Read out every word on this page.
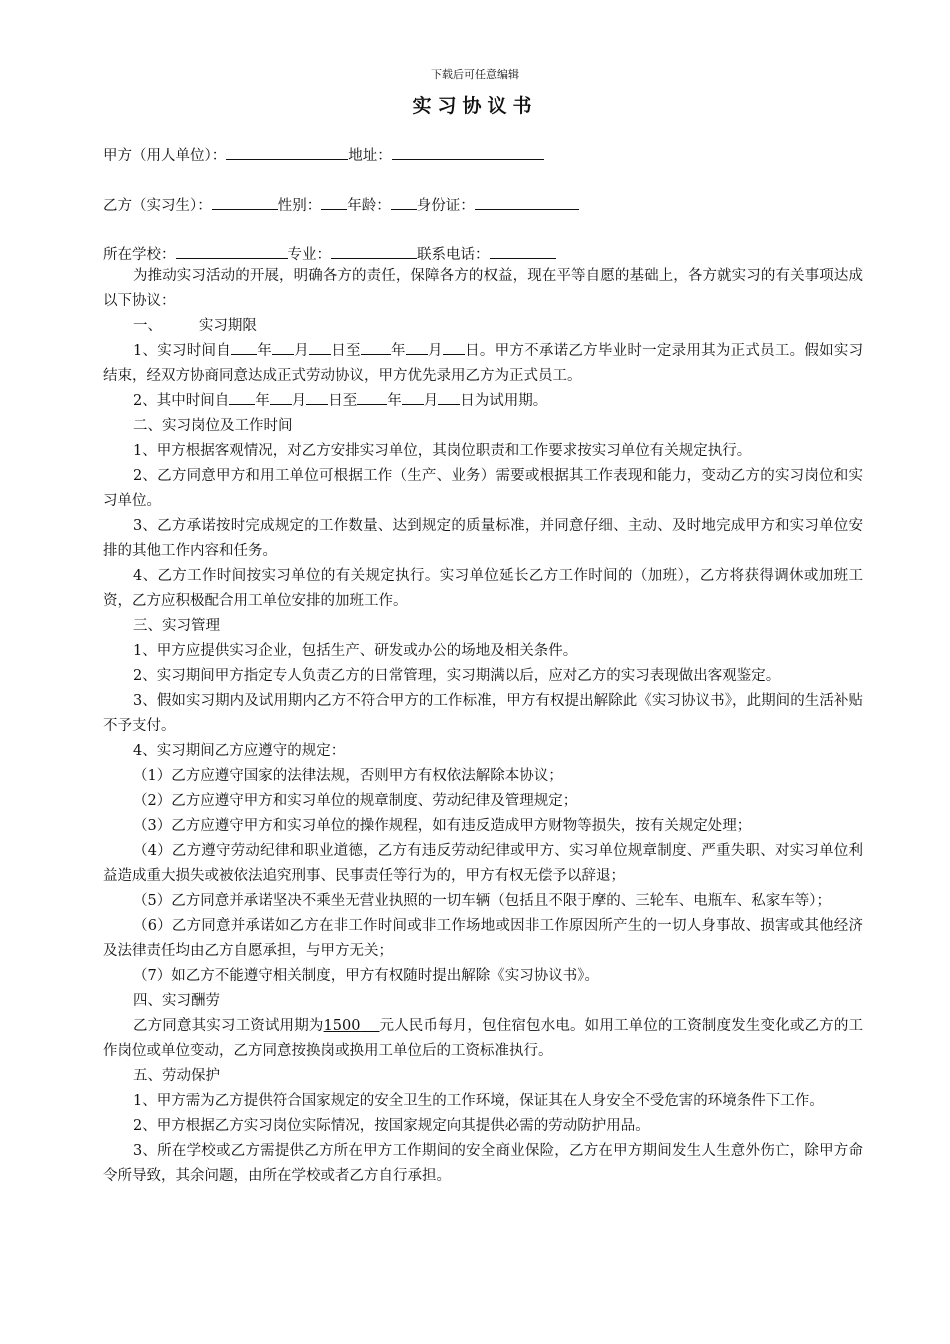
下载后可任意编辑
实习协议书
甲方（用人单位）：	地址：
乙方（实习生）：	性别： 年龄： 身份证：
所在学校：	专业：	联系电话：

为推动实习活动的开展，明确各方的责任，保障各方的权益，现在平等自愿的基础上，各方就实习的有关事项达成以下协议：

一、        实习期限

1、实习时间自 年 月 日至 年 月 日。甲方不承诺乙方毕业时一定录用其为正式员工。假如实习结束，经双方协商同意达成正式劳动协议，甲方优先录用乙方为正式员工。

2、其中时间自 年 月 日至 年 月 日为试用期。

二、实习岗位及工作时间

1、甲方根据客观情况，对乙方安排实习单位，其岗位职责和工作要求按实习单位有关规定执行。

2、乙方同意甲方和用工单位可根据工作（生产、业务）需要或根据其工作表现和能力，变动乙方的实习岗位和实习单位。

3、乙方承诺按时完成规定的工作数量、达到规定的质量标准，并同意仔细、主动、及时地完成甲方和实习单位安排的其他工作内容和任务。

4、乙方工作时间按实习单位的有关规定执行。实习单位延长乙方工作时间的（加班），乙方将获得调休或加班工资，乙方应积极配合用工单位安排的加班工作。

三、实习管理

1、甲方应提供实习企业，包括生产、研发或办公的场地及相关条件。

2、实习期间甲方指定专人负责乙方的日常管理，实习期满以后，应对乙方的实习表现做出客观鉴定。

3、假如实习期内及试用期内乙方不符合甲方的工作标准，甲方有权提出解除此《实习协议书》，此期间的生活补贴不予支付。

4、实习期间乙方应遵守的规定：

（1）乙方应遵守国家的法律法规，否则甲方有权依法解除本协议；

（2）乙方应遵守甲方和实习单位的规章制度、劳动纪律及管理规定；

（3）乙方应遵守甲方和实习单位的操作规程，如有违反造成甲方财物等损失，按有关规定处理；

（4）乙方遵守劳动纪律和职业道德，乙方有违反劳动纪律或甲方、实习单位规章制度、严重失职、对实习单位利益造成重大损失或被依法追究刑事、民事责任等行为的，甲方有权无偿予以辞退；

（5）乙方同意并承诺坚决不乘坐无营业执照的一切车辆（包括且不限于摩的、三轮车、电瓶车、私家车等）；

（6）乙方同意并承诺如乙方在非工作时间或非工作场地或因非工作原因所产生的一切人身事故、损害或其他经济及法律责任均由乙方自愿承担，与甲方无关；

（7）如乙方不能遵守相关制度，甲方有权随时提出解除《实习协议书》。

四、实习酬劳

乙方同意其实习工资试用期为1500 元人民币每月，包住宿包水电。如用工单位的工资制度发生变化或乙方的工作岗位或单位变动，乙方同意按换岗或换用工单位后的工资标准执行。

五、劳动保护

1、甲方需为乙方提供符合国家规定的安全卫生的工作环境，保证其在人身安全不受危害的环境条件下工作。

2、甲方根据乙方实习岗位实际情况，按国家规定向其提供必需的劳动防护用品。

3、所在学校或乙方需提供乙方所在甲方工作期间的安全商业保险，乙方在甲方期间发生人生意外伤亡，除甲方命令所导致，其余问题，由所在学校或者乙方自行承担。
